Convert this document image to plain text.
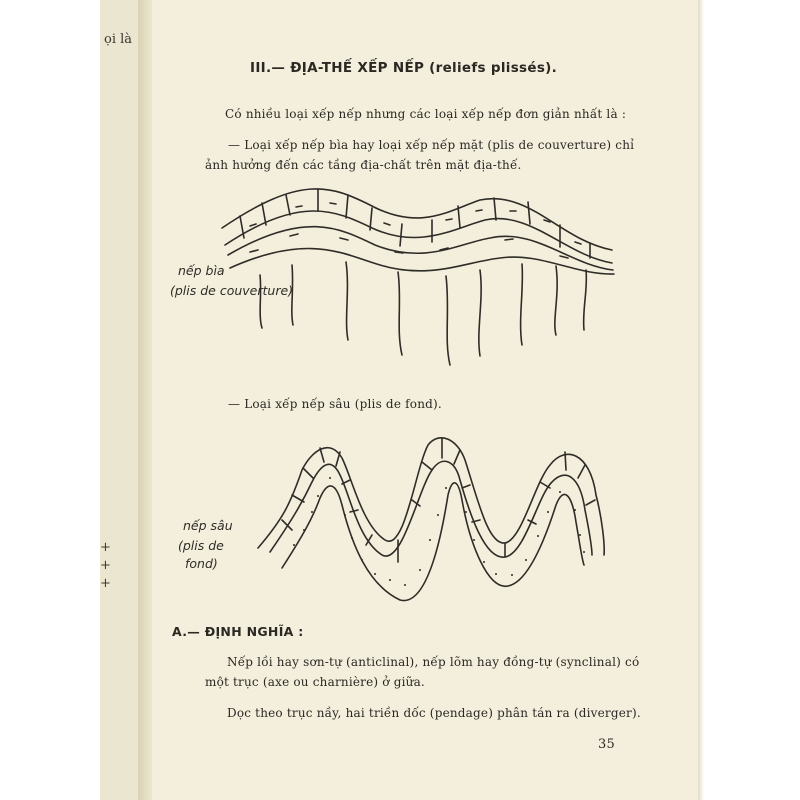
ọi là
+
+
+
III.— ĐỊA-THẾ XẾP NẾP (reliefs plissés).
Có nhiều loại xếp nếp nhưng các loại xếp nếp đơn giản nhất là :
— Loại xếp nếp bìa hay loại xếp nếp mặt (plis de couverture) chỉ
ảnh hưởng đến các tầng địa-chất trên mặt địa-thế.
nếp bìa
(plis de couverture)
— Loại xếp nếp sâu (plis de fond).
nếp sâu
(plis de
fond)
A.— ĐỊNH NGHĨA :
Nếp lồi hay sơn-tự (anticlinal), nếp lõm hay đồng-tự (synclinal) có
một trục (axe ou charnière) ở giữa.
Dọc theo trục nầy, hai triền dốc (pendage) phân tán ra (diverger).
35
